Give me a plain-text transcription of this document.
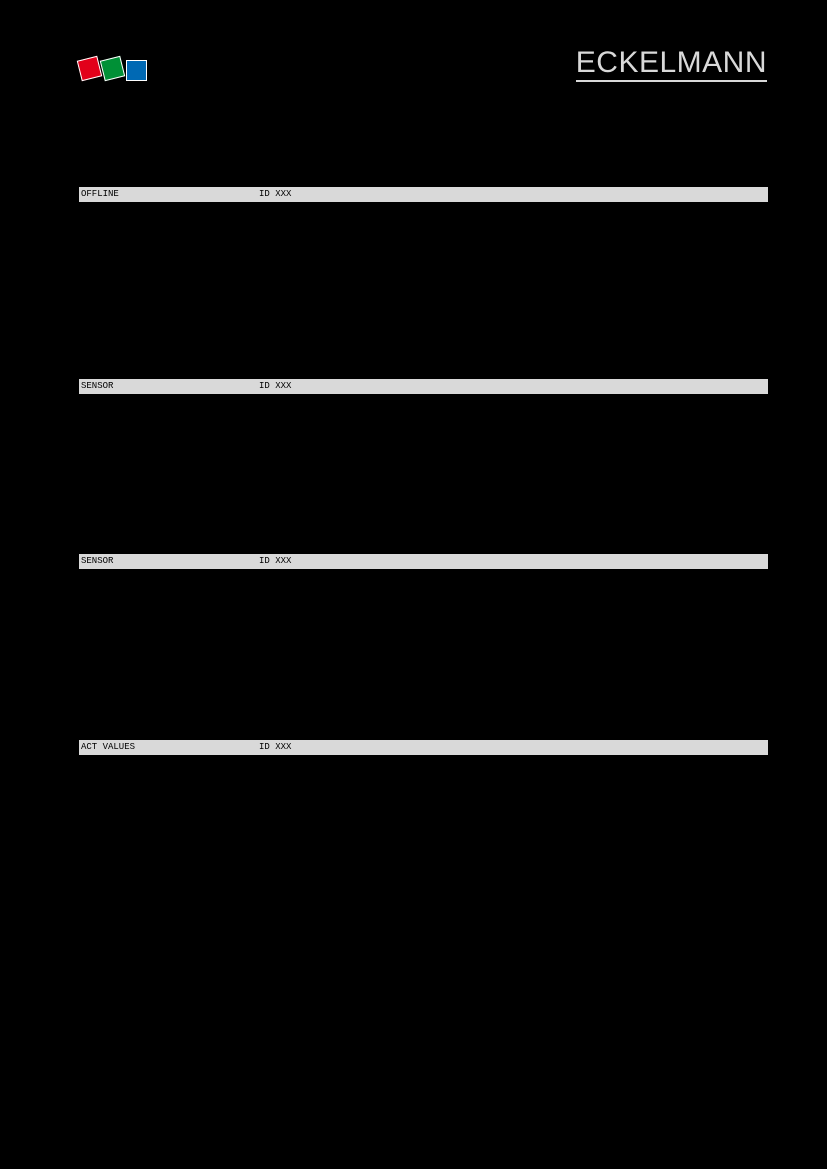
ECKELMANN
OFFLINE	ID XXX
SENSOR	ID XXX
SENSOR	ID XXX
ACT VALUES	ID XXX
